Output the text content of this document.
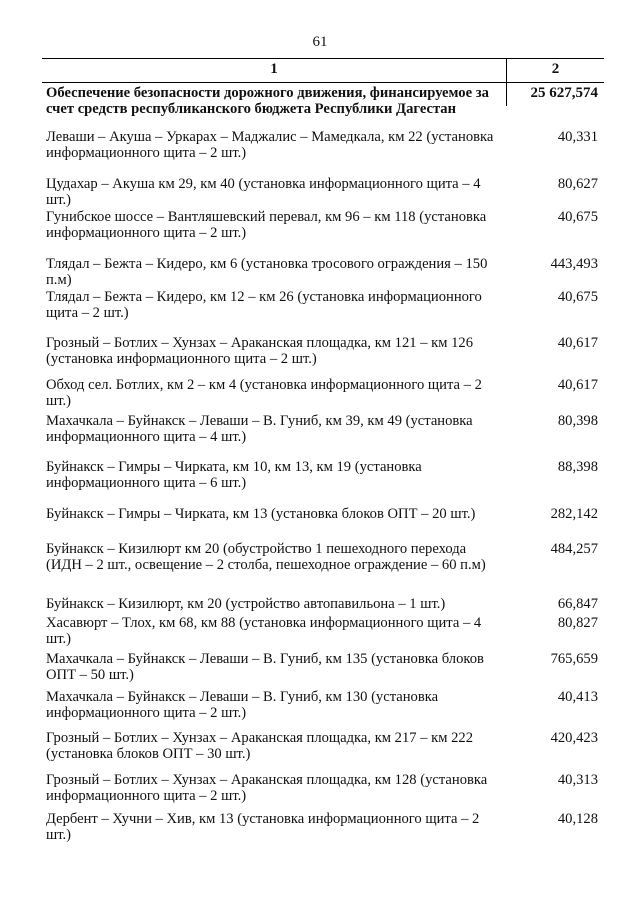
61
1	2
Обеспечение безопасности дорожного движения, финансируемое за счет средств республиканского бюджета Республики Дагестан
25 627,574
Леваши – Акуша – Уркарах – Маджалис – Мамедкала, км 22 (установка информационного щита – 2 шт.)
40,331
Цудахар – Акуша км 29, км 40 (установка информационного щита – 4 шт.)
80,627
Гунибское шоссе – Вантляшевский перевал, км 96 – км 118 (установка информационного щита – 2 шт.)
40,675
Тлядал – Бежта – Кидеро, км 6 (установка тросового ограждения – 150 п.м)
443,493
Тлядал – Бежта – Кидеро, км 12 – км 26 (установка информационного щита – 2 шт.)
40,675
Грозный – Ботлих – Хунзах – Араканская площадка, км 121 – км 126 (установка информационного щита – 2 шт.)
40,617
Обход сел. Ботлих, км 2 – км 4 (установка информационного щита – 2 шт.)
40,617
Махачкала – Буйнакск – Леваши – В. Гуниб, км 39, км 49 (установка информационного щита – 4 шт.)
80,398
Буйнакск – Гимры – Чирката, км 10, км 13, км 19 (установка информационного щита – 6 шт.)
88,398
Буйнакск – Гимры – Чирката, км 13 (установка блоков ОПТ – 20 шт.)	282,142
Буйнакск – Кизилюрт км 20 (обустройство 1 пешеходного перехода (ИДН – 2 шт., освещение – 2 столба, пешеходное ограждение – 60 п.м)
484,257
Буйнакск – Кизилюрт, км 20 (устройство автопавильона – 1 шт.)	66,847
Хасавюрт – Тлох, км 68, км 88 (установка информационного щита – 4 шт.)
80,827
Махачкала – Буйнакск – Леваши – В. Гуниб, км 135 (установка блоков ОПТ – 50 шт.)
765,659
Махачкала – Буйнакск – Леваши – В. Гуниб, км 130 (установка информационного щита – 2 шт.)
40,413
Грозный – Ботлих – Хунзах – Араканская площадка, км 217 – км 222 (установка блоков ОПТ – 30 шт.)
420,423
Грозный – Ботлих – Хунзах – Араканская площадка, км 128 (установка информационного щита – 2 шт.)
40,313
Дербент – Хучни – Хив, км 13 (установка информационного щита – 2 шт.)
40,128
